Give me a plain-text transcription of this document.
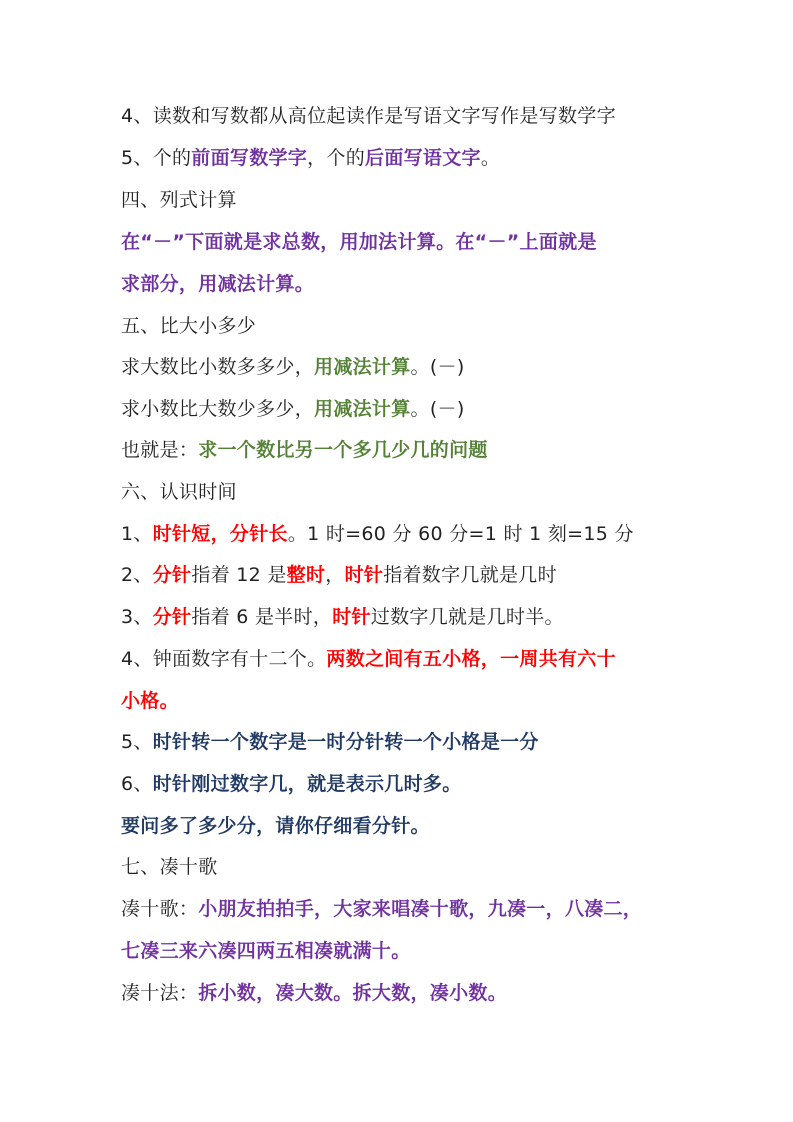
4、读数和写数都从高位起读作是写语文字写作是写数学字
5、个的前面写数学字，个的后面写语文字。
四、列式计算
在“－”下面就是求总数，用加法计算。在“－”上面就是
求部分，用减法计算。
五、比大小多少
求大数比小数多多少，用减法计算。(－)
求小数比大数少多少，用减法计算。(－)
也就是：求一个数比另一个多几少几的问题
六、认识时间
1、时针短，分针长。1 时=60 分 60 分=1 时 1 刻=15 分
2、分针指着 12 是整时，时针指着数字几就是几时
3、分针指着 6 是半时，时针过数字几就是几时半。
4、钟面数字有十二个。两数之间有五小格，一周共有六十
小格。
5、时针转一个数字是一时分针转一个小格是一分
6、时针刚过数字几，就是表示几时多。
要问多了多少分，请你仔细看分针。
七、凑十歌
凑十歌：小朋友拍拍手，大家来唱凑十歌，九凑一，八凑二，
七凑三来六凑四两五相凑就满十。
凑十法：拆小数，凑大数。拆大数，凑小数。
